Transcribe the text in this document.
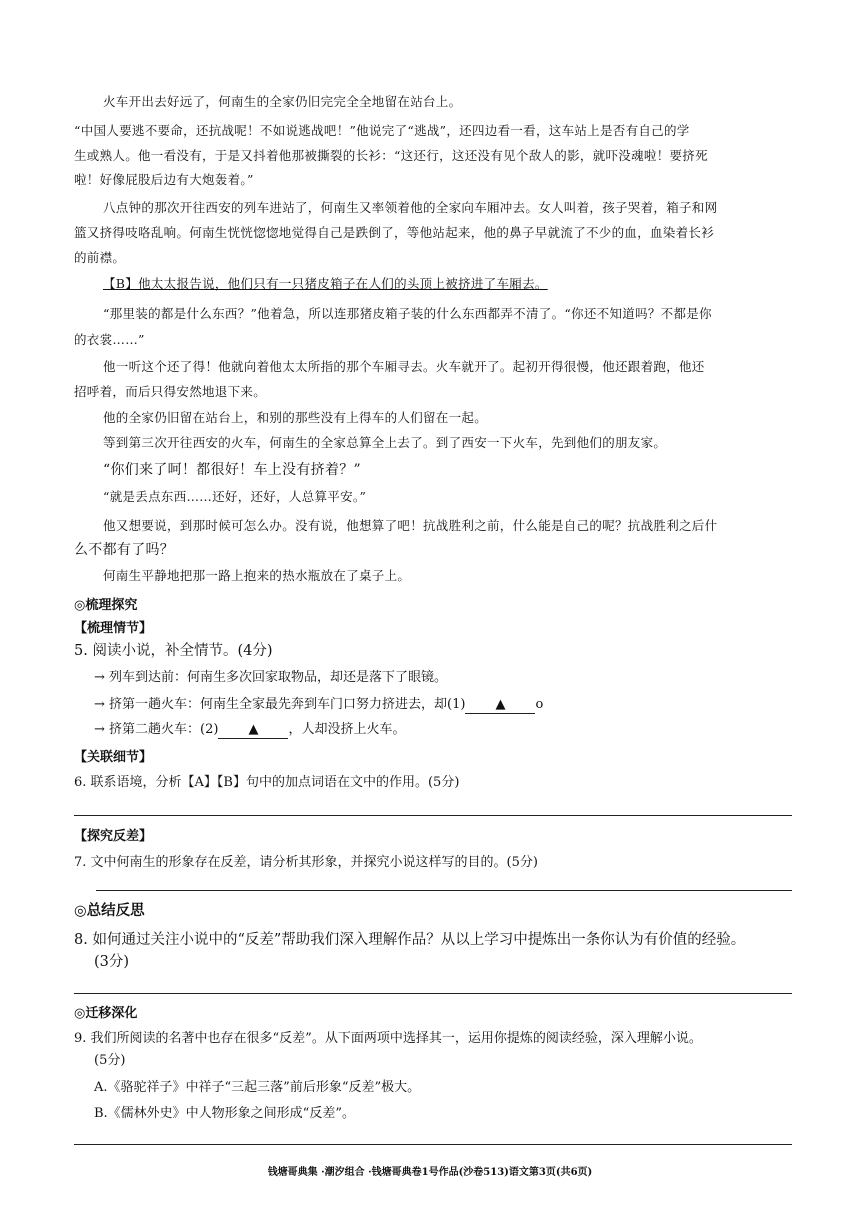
火车开出去好远了，何南生的全家仍旧完完全全地留在站台上。
“中国人要逃不要命，还抗战呢！不如说逃战吧！”他说完了“逃战”，还四边看一看，这车站上是否有自己的学
生或熟人。他一看没有，于是又抖着他那被撕裂的长衫：“这还行，这还没有见个敌人的影，就吓没魂啦！要挤死
啦！好像屁股后边有大炮轰着。”
八点钟的那次开往西安的列车进站了，何南生又率领着他的全家向车厢冲去。女人叫着，孩子哭着，箱子和网
篮又挤得吱咯乱响。何南生恍恍惚惚地觉得自己是跌倒了，等他站起来，他的鼻子早就流了不少的血，血染着长衫
的前襟。
【B】他太太报告说，他们只有一只猪皮箱子在人们的头顶上被挤进了车厢去。
“那里装的都是什么东西？”他着急，所以连那猪皮箱子装的什么东西都弄不清了。“你还不知道吗？不都是你
的衣裳……”
他一听这个还了得！他就向着他太太所指的那个车厢寻去。火车就开了。起初开得很慢，他还跟着跑，他还
招呼着，而后只得安然地退下来。
他的全家仍旧留在站台上，和别的那些没有上得车的人们留在一起。
等到第三次开往西安的火车，何南生的全家总算全上去了。到了西安一下火车，先到他们的朋友家。
“你们来了呵！都很好！车上没有挤着？”
“就是丢点东西……还好，还好，人总算平安。”
他又想要说，到那时候可怎么办。没有说，他想算了吧！抗战胜利之前，什么能是自己的呢？抗战胜利之后什
么不都有了吗？
何南生平静地把那一路上抱来的热水瓶放在了桌子上。
◎梳理探究
【梳理情节】
5. 阅读小说，补全情节。(4分)
→ 列车到达前：何南生多次回家取物品，却还是落下了眼镜。
→ 挤第一趟火车：何南生全家最先奔到车门口努力挤进去，却(1) ▲ o
→ 挤第二趟火车：(2) ▲ ，人却没挤上火车。
【关联细节】
6. 联系语境，分析【A】【B】句中的加点词语在文中的作用。(5分)
【探究反差】
7. 文中何南生的形象存在反差，请分析其形象，并探究小说这样写的目的。(5分)
◎总结反思
8. 如何通过关注小说中的“反差”帮助我们深入理解作品？从以上学习中提炼出一条你认为有价值的经验。
(3分)
◎迁移深化
9. 我们所阅读的名著中也存在很多“反差”。从下面两项中选择其一，运用你提炼的阅读经验，深入理解小说。
(5分)
A.《骆驼祥子》中祥子“三起三落”前后形象“反差”极大。
B.《儒林外史》中人物形象之间形成“反差”。
钱塘哥典集 ·潮汐组合 ·钱塘哥典卷1号作品(沙卷513)语文第3页(共6页)
